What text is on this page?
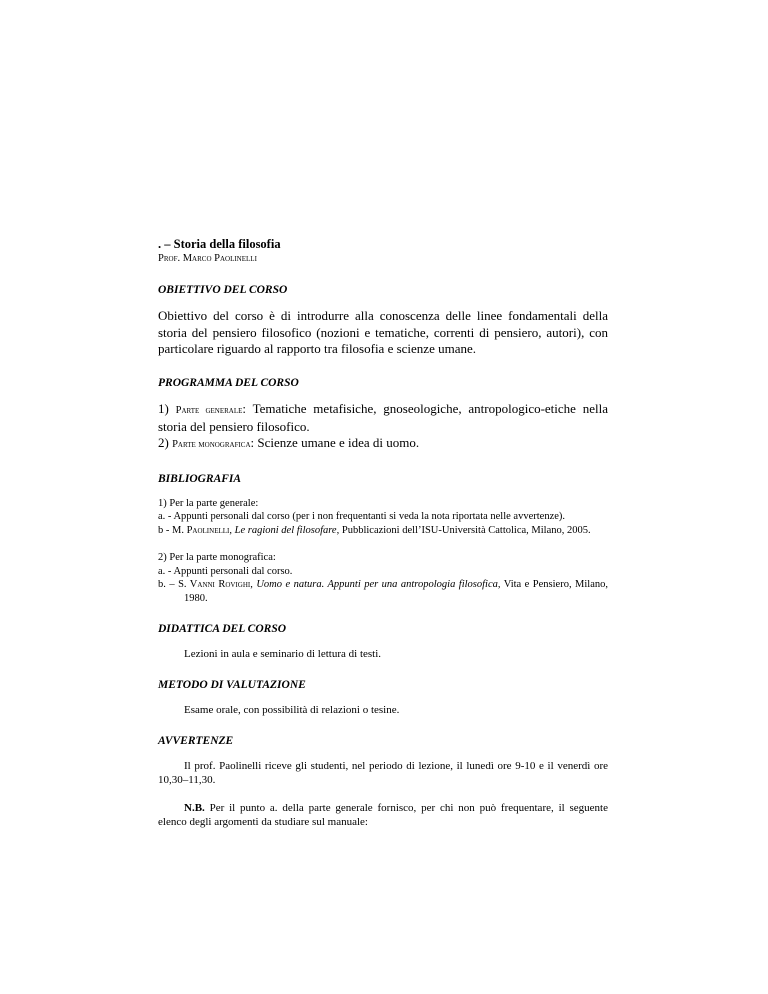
. – Storia della filosofia

Prof. Marco Paolinelli

OBIETTIVO DEL CORSO

Obiettivo del corso è di introdurre alla conoscenza delle linee fondamentali della storia del pensiero filosofico (nozioni e tematiche, correnti di pensiero, autori), con particolare riguardo al rapporto tra filosofia e scienze umane.

PROGRAMMA DEL CORSO

1) Parte generale: Tematiche metafisiche, gnoseologiche, antropologico-etiche nella storia del pensiero filosofico.

2) Parte monografica: Scienze umane e idea di uomo.

BIBLIOGRAFIA

1) Per la parte generale:

a. - Appunti personali dal corso (per i non frequentanti si veda la nota riportata nelle avvertenze).

b - M. Paolinelli, Le ragioni del filosofare, Pubblicazioni dell’ISU-Università Cattolica, Milano, 2005.

2) Per la parte monografica:

a. - Appunti personali dal corso.

b. – S. Vanni Rovighi, Uomo e natura. Appunti per una antropologia filosofica, Vita e Pensiero, Milano, 1980.

DIDATTICA DEL CORSO

Lezioni in aula e seminario di lettura di testi.

METODO DI VALUTAZIONE

Esame orale, con possibilità di relazioni o tesine.

AVVERTENZE

Il prof. Paolinelli riceve gli studenti, nel periodo di lezione, il lunedì ore 9-10 e il venerdì ore 10,30–11,30.

N.B. Per il punto a. della parte generale fornisco, per chi non può frequentare, il seguente elenco degli argomenti da studiare sul manuale:
